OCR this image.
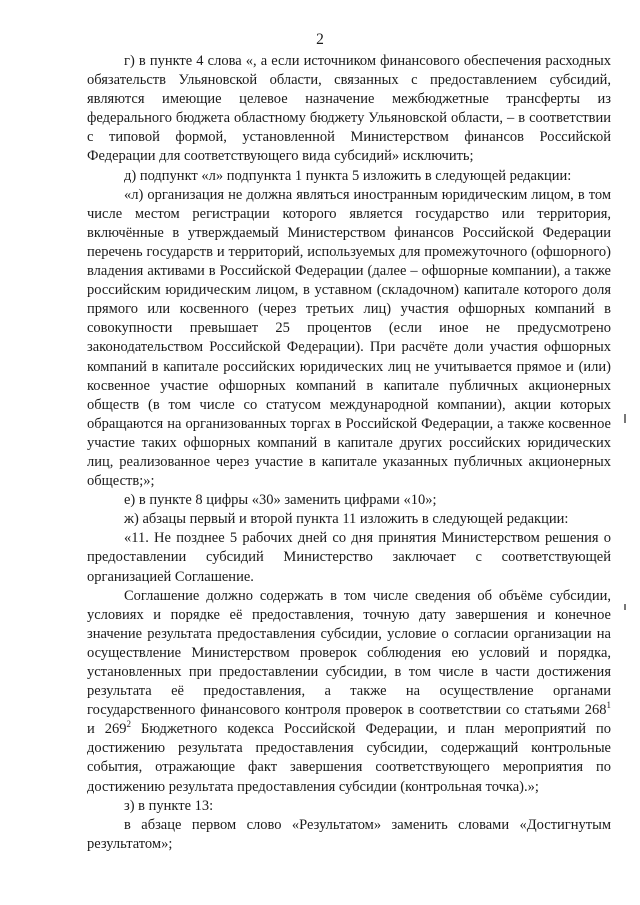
2

г) в пункте 4 слова «, а если источником финансового обеспечения расходных обязательств Ульяновской области, связанных с предоставлением субсидий, являются имеющие целевое назначение межбюджетные трансферты из федерального бюджета областному бюджету Ульяновской области, – в соответствии с типовой формой, установленной Министерством финансов Российской Федерации для соответствующего вида субсидий» исключить;

д) подпункт «л» подпункта 1 пункта 5 изложить в следующей редакции:

«л) организация не должна являться иностранным юридическим лицом, в том числе местом регистрации которого является государство или территория, включённые в утверждаемый Министерством финансов Российской Федерации перечень государств и территорий, используемых для промежуточного (офшорного) владения активами в Российской Федерации (далее – офшорные компании), а также российским юридическим лицом, в уставном (складочном) капитале которого доля прямого или косвенного (через третьих лиц) участия офшорных компаний в совокупности превышает 25 процентов (если иное не предусмотрено законодательством Российской Федерации). При расчёте доли участия офшорных компаний в капитале российских юридических лиц не учитывается прямое и (или) косвенное участие офшорных компаний в капитале публичных акционерных обществ (в том числе со статусом международной компании), акции которых обращаются на организованных торгах в Российской Федерации, а также косвенное участие таких офшорных компаний в капитале других российских юридических лиц, реализованное через участие в капитале указанных публичных акционерных обществ;»;

е) в пункте 8 цифры «30» заменить цифрами «10»;

ж) абзацы первый и второй пункта 11 изложить в следующей редакции:

«11. Не позднее 5 рабочих дней со дня принятия Министерством решения о предоставлении субсидий Министерство заключает с соответствующей организацией Соглашение.

Соглашение должно содержать в том числе сведения об объёме субсидии, условиях и порядке её предоставления, точную дату завершения и конечное значение результата предоставления субсидии, условие о согласии организации на осуществление Министерством проверок соблюдения ею условий и порядка, установленных при предоставлении субсидии, в том числе в части достижения результата её предоставления, а также на осуществление органами государственного финансового контроля проверок в соответствии со статьями $268^1$ и $269^2$ Бюджетного кодекса Российской Федерации, и план мероприятий по достижению результата предоставления субсидии, содержащий контрольные события, отражающие факт завершения соответствующего мероприятия по достижению результата предоставления субсидии (контрольная точка).»;

з) в пункте 13:

в абзаце первом слово «Результатом» заменить словами «Достигнутым результатом»;
